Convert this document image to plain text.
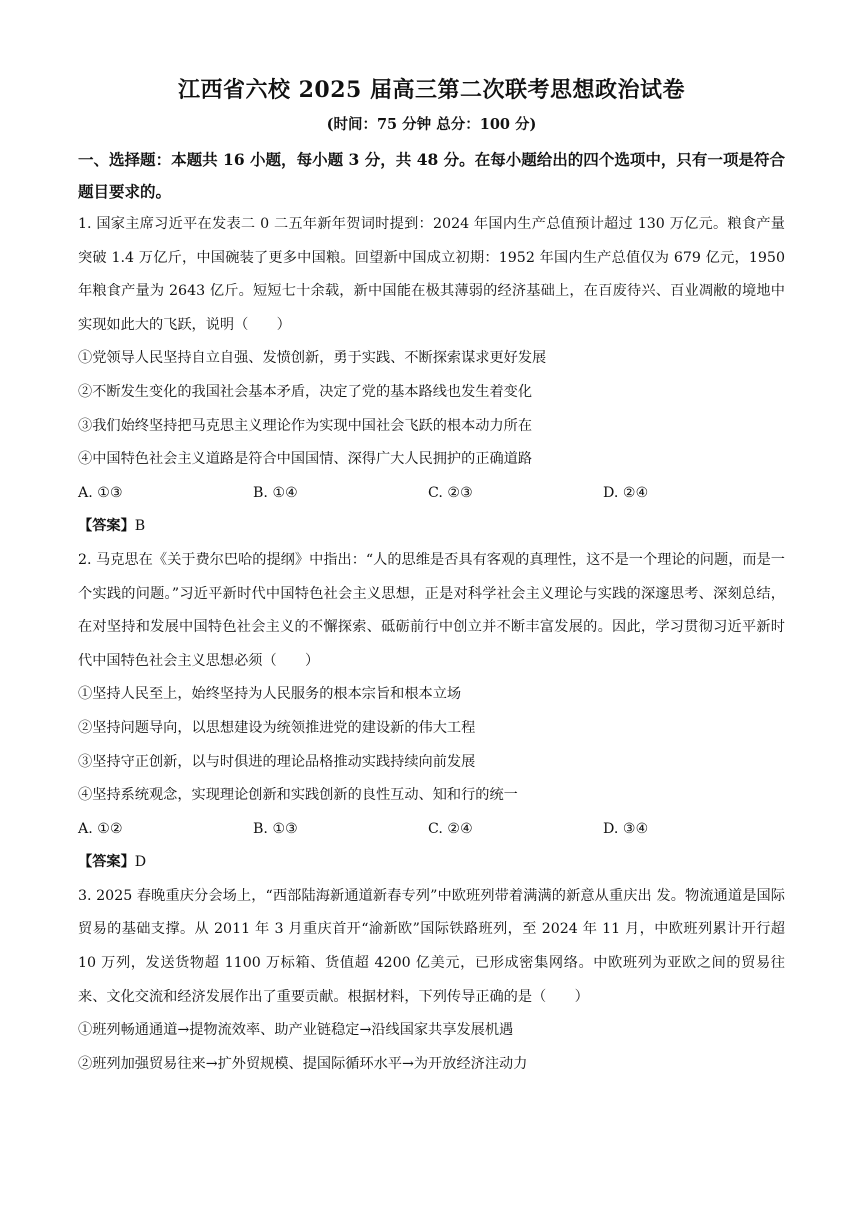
江西省六校 2025 届高三第二次联考思想政治试卷

(时间：75 分钟 总分：100 分)

一、选择题：本题共 16 小题，每小题 3 分，共 48 分。在每小题给出的四个选项中，只有一项是符合题目要求的。

1. 国家主席习近平在发表二 0 二五年新年贺词时提到：2024 年国内生产总值预计超过 130 万亿元。粮食产量突破 1.4 万亿斤，中国碗装了更多中国粮。回望新中国成立初期：1952 年国内生产总值仅为 679 亿元，1950 年粮食产量为 2643 亿斤。短短七十余载，新中国能在极其薄弱的经济基础上，在百废待兴、百业凋敝的境地中实现如此大的飞跃，说明（　　）

①党领导人民坚持自立自强、发愤创新，勇于实践、不断探索谋求更好发展

②不断发生变化的我国社会基本矛盾，决定了党的基本路线也发生着变化

③我们始终坚持把马克思主义理论作为实现中国社会飞跃的根本动力所在

④中国特色社会主义道路是符合中国国情、深得广大人民拥护的正确道路

A. ①③	B. ①④	C. ②③	D. ②④

【答案】B

2. 马克思在《关于费尔巴哈的提纲》中指出：“人的思维是否具有客观的真理性，这不是一个理论的问题，而是一个实践的问题。”习近平新时代中国特色社会主义思想，正是对科学社会主义理论与实践的深邃思考、深刻总结，在对坚持和发展中国特色社会主义的不懈探索、砥砺前行中创立并不断丰富发展的。因此，学习贯彻习近平新时代中国特色社会主义思想必须（　　）

①坚持人民至上，始终坚持为人民服务的根本宗旨和根本立场

②坚持问题导向，以思想建设为统领推进党的建设新的伟大工程

③坚持守正创新，以与时俱进的理论品格推动实践持续向前发展

④坚持系统观念，实现理论创新和实践创新的良性互动、知和行的统一

A. ①②	B. ①③	C. ②④	D. ③④

【答案】D

3. 2025 春晚重庆分会场上，“西部陆海新通道新春专列”中欧班列带着满满的新意从重庆出 发。物流通道是国际贸易的基础支撑。从 2011 年 3 月重庆首开“渝新欧”国际铁路班列，至 2024 年 11 月，中欧班列累计开行超 10 万列，发送货物超 1100 万标箱、货值超 4200 亿美元，已形成密集网络。中欧班列为亚欧之间的贸易往来、文化交流和经济发展作出了重要贡献。根据材料，下列传导正确的是（　　）

①班列畅通通道→提物流效率、助产业链稳定→沿线国家共享发展机遇

②班列加强贸易往来→扩外贸规模、提国际循环水平→为开放经济注动力
